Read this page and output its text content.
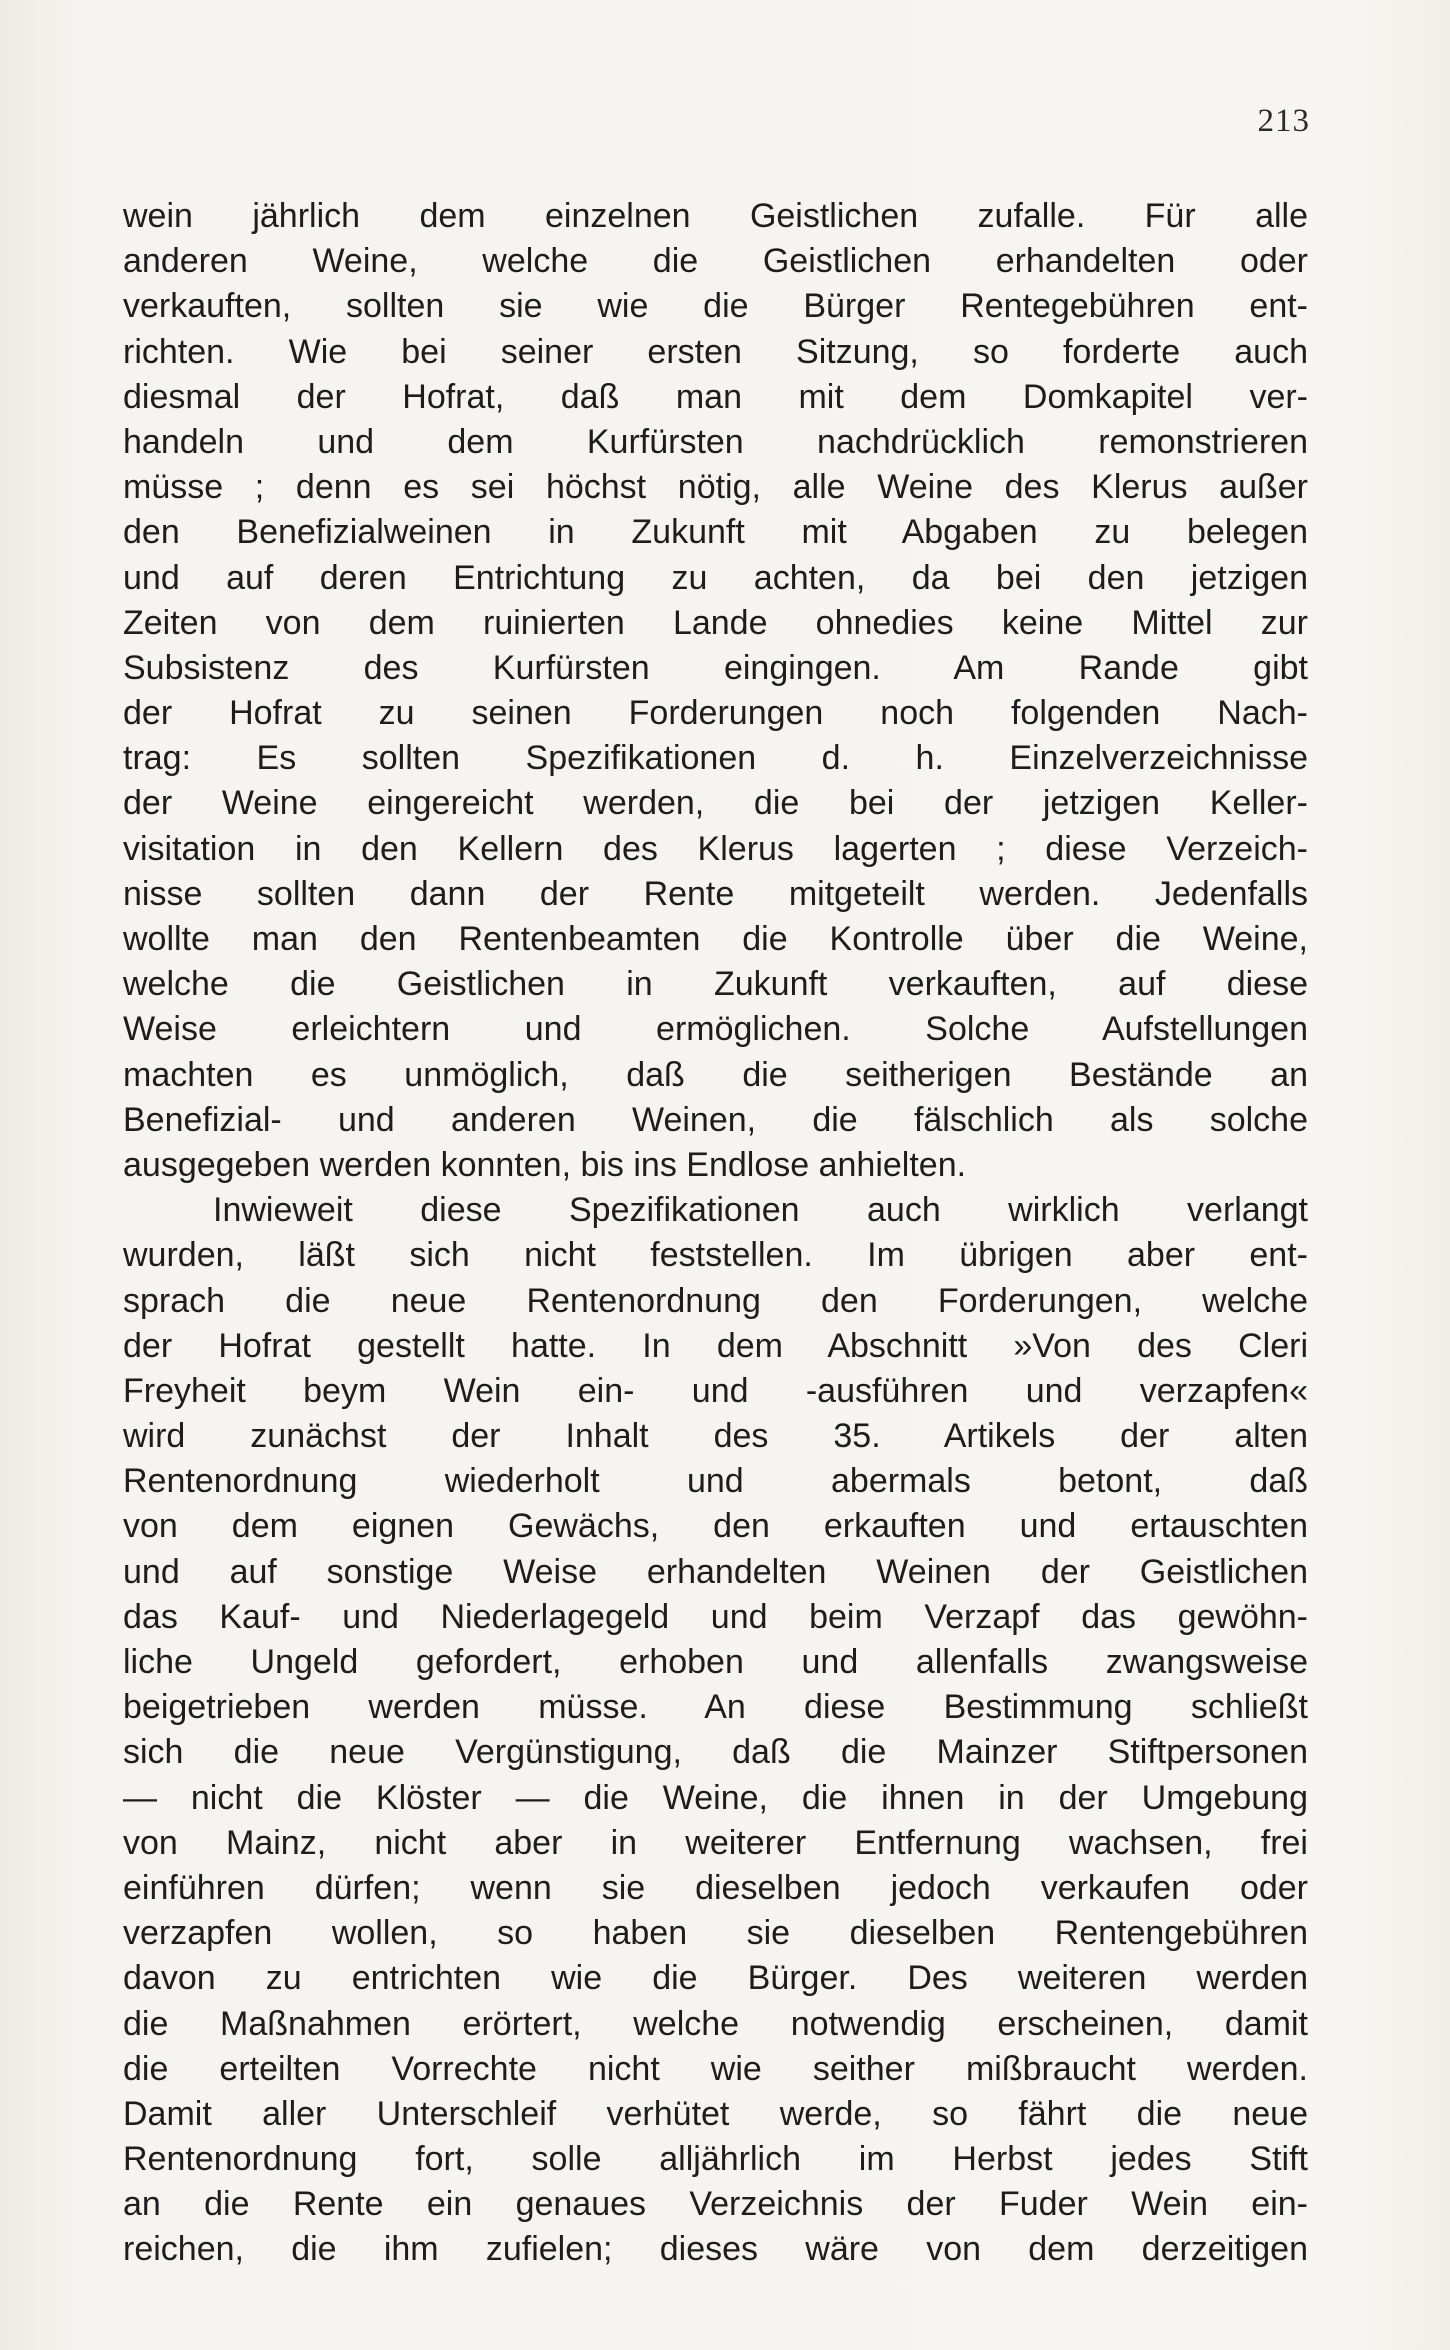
213
wein jährlich dem einzelnen Geistlichen zufalle. Für alle
anderen Weine, welche die Geistlichen erhandelten oder
verkauften, sollten sie wie die Bürger Rentegebühren ent-
richten. Wie bei seiner ersten Sitzung, so forderte auch
diesmal der Hofrat, daß man mit dem Domkapitel ver-
handeln und dem Kurfürsten nachdrücklich remonstrieren
müsse ; denn es sei höchst nötig, alle Weine des Klerus außer
den Benefizialweinen in Zukunft mit Abgaben zu belegen
und auf deren Entrichtung zu achten, da bei den jetzigen
Zeiten von dem ruinierten Lande ohnedies keine Mittel zur
Subsistenz des Kurfürsten eingingen. Am Rande gibt
der Hofrat zu seinen Forderungen noch folgenden Nach-
trag: Es sollten Spezifikationen d. h. Einzelverzeichnisse
der Weine eingereicht werden, die bei der jetzigen Keller-
visitation in den Kellern des Klerus lagerten ; diese Verzeich-
nisse sollten dann der Rente mitgeteilt werden. Jedenfalls
wollte man den Rentenbeamten die Kontrolle über die Weine,
welche die Geistlichen in Zukunft verkauften, auf diese
Weise erleichtern und ermöglichen. Solche Aufstellungen
machten es unmöglich, daß die seitherigen Bestände an
Benefizial- und anderen Weinen, die fälschlich als solche
ausgegeben werden konnten, bis ins Endlose anhielten.
Inwieweit diese Spezifikationen auch wirklich verlangt
wurden, läßt sich nicht feststellen. Im übrigen aber ent-
sprach die neue Rentenordnung den Forderungen, welche
der Hofrat gestellt hatte. In dem Abschnitt »Von des Cleri
Freyheit beym Wein ein- und -ausführen und verzapfen«
wird zunächst der Inhalt des 35. Artikels der alten
Rentenordnung wiederholt und abermals betont, daß
von dem eignen Gewächs, den erkauften und ertauschten
und auf sonstige Weise erhandelten Weinen der Geistlichen
das Kauf- und Niederlagegeld und beim Verzapf das gewöhn-
liche Ungeld gefordert, erhoben und allenfalls zwangsweise
beigetrieben werden müsse. An diese Bestimmung schließt
sich die neue Vergünstigung, daß die Mainzer Stiftpersonen
— nicht die Klöster — die Weine, die ihnen in der Umgebung
von Mainz, nicht aber in weiterer Entfernung wachsen, frei
einführen dürfen; wenn sie dieselben jedoch verkaufen oder
verzapfen wollen, so haben sie dieselben Rentengebühren
davon zu entrichten wie die Bürger. Des weiteren werden
die Maßnahmen erörtert, welche notwendig erscheinen, damit
die erteilten Vorrechte nicht wie seither mißbraucht werden.
Damit aller Unterschleif verhütet werde, so fährt die neue
Rentenordnung fort, solle alljährlich im Herbst jedes Stift
an die Rente ein genaues Verzeichnis der Fuder Wein ein-
reichen, die ihm zufielen; dieses wäre von dem derzeitigen
